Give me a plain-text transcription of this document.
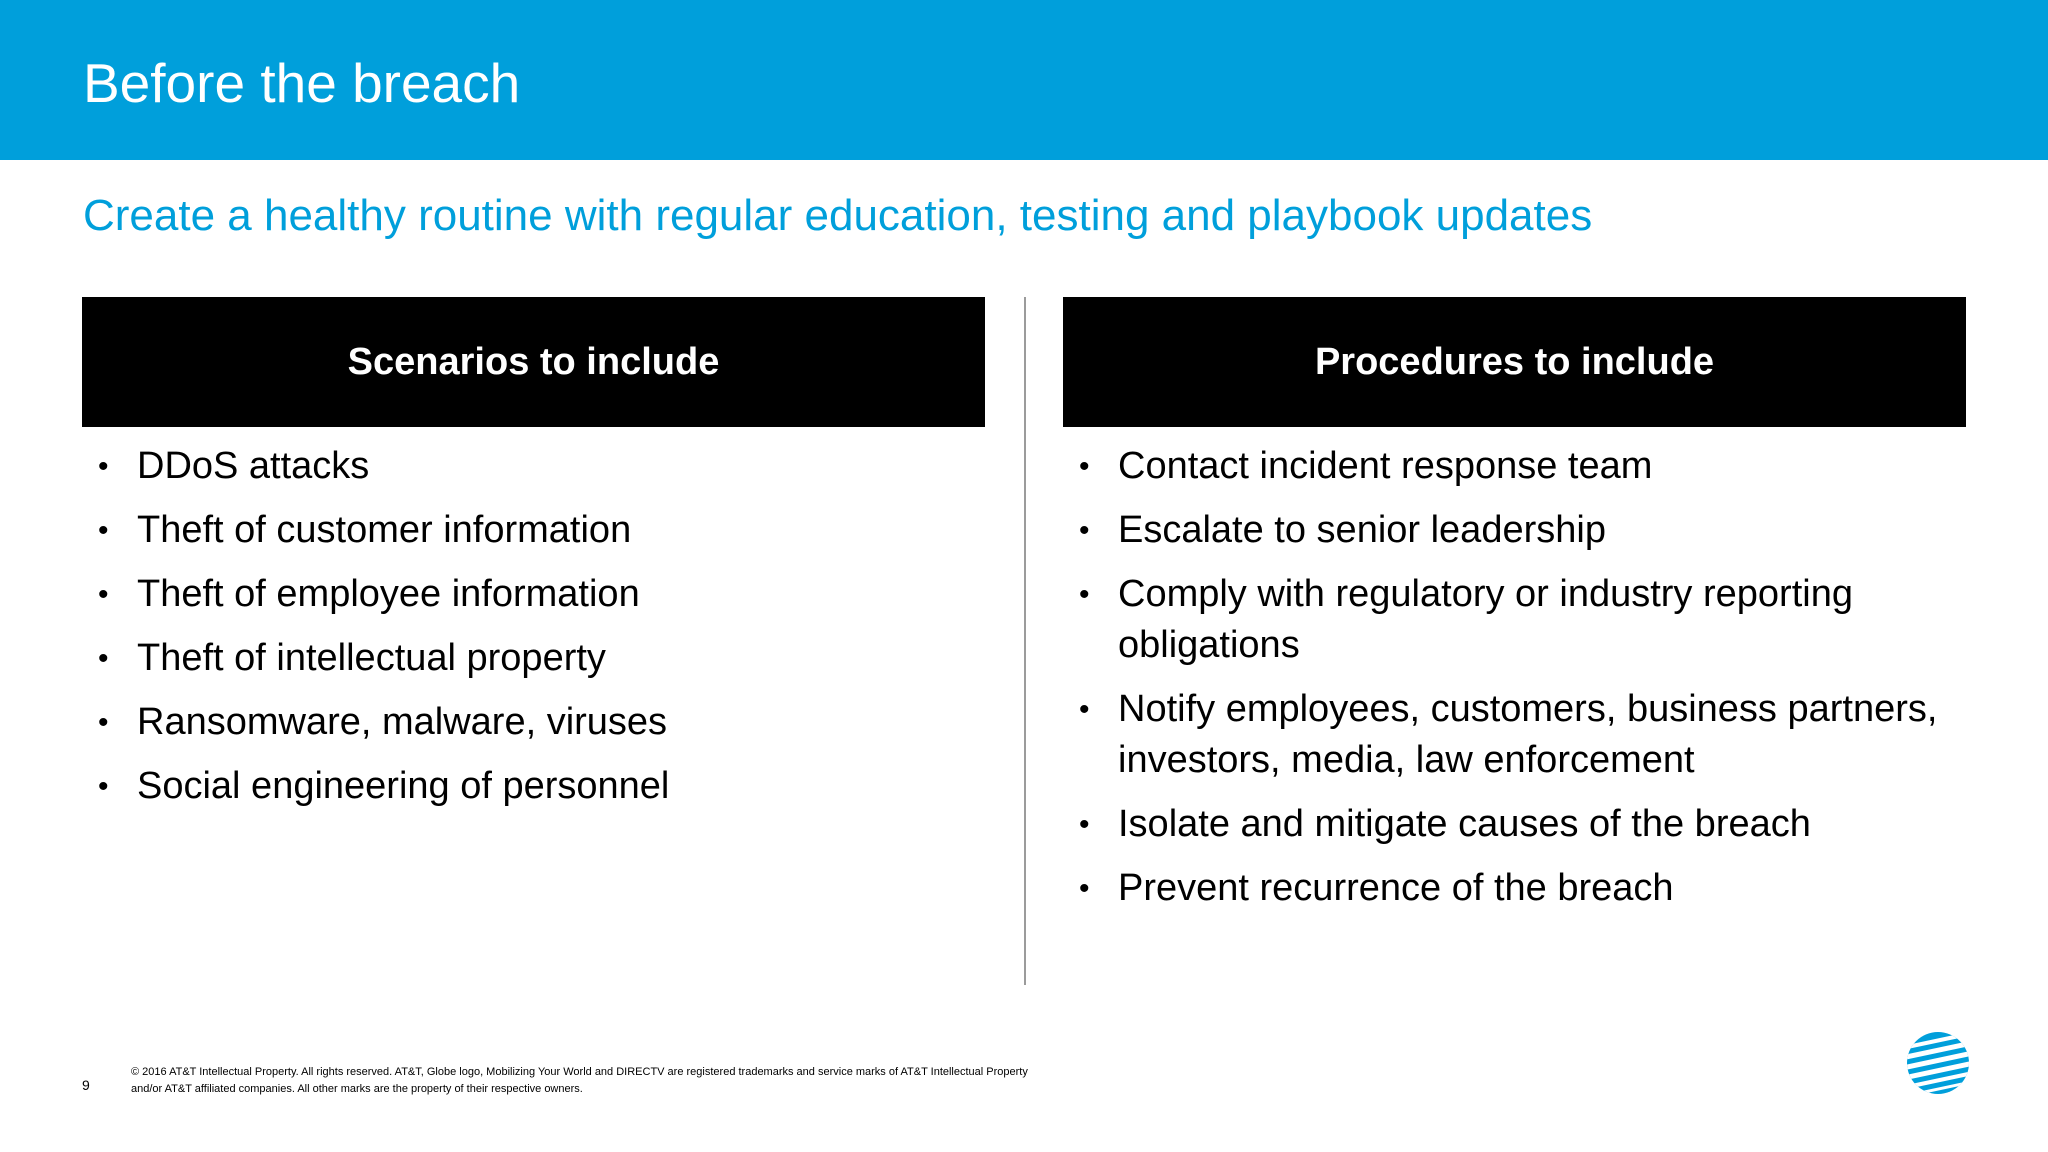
Before the breach
Create a healthy routine with regular education, testing and playbook updates
Scenarios to include
• DDoS attacks
• Theft of customer information
• Theft of employee information
• Theft of intellectual property
• Ransomware, malware, viruses
• Social engineering of personnel
Procedures to include
• Contact incident response team
• Escalate to senior leadership
• Comply with regulatory or industry reporting obligations
• Notify employees, customers, business partners, investors, media, law enforcement
• Isolate and mitigate causes of the breach
• Prevent recurrence of the breach
9
© 2016 AT&T Intellectual Property. All rights reserved. AT&T, Globe logo, Mobilizing Your World and DIRECTV are registered trademarks and service marks of AT&T Intellectual Property
and/or AT&T affiliated companies. All other marks are the property of their respective owners.
